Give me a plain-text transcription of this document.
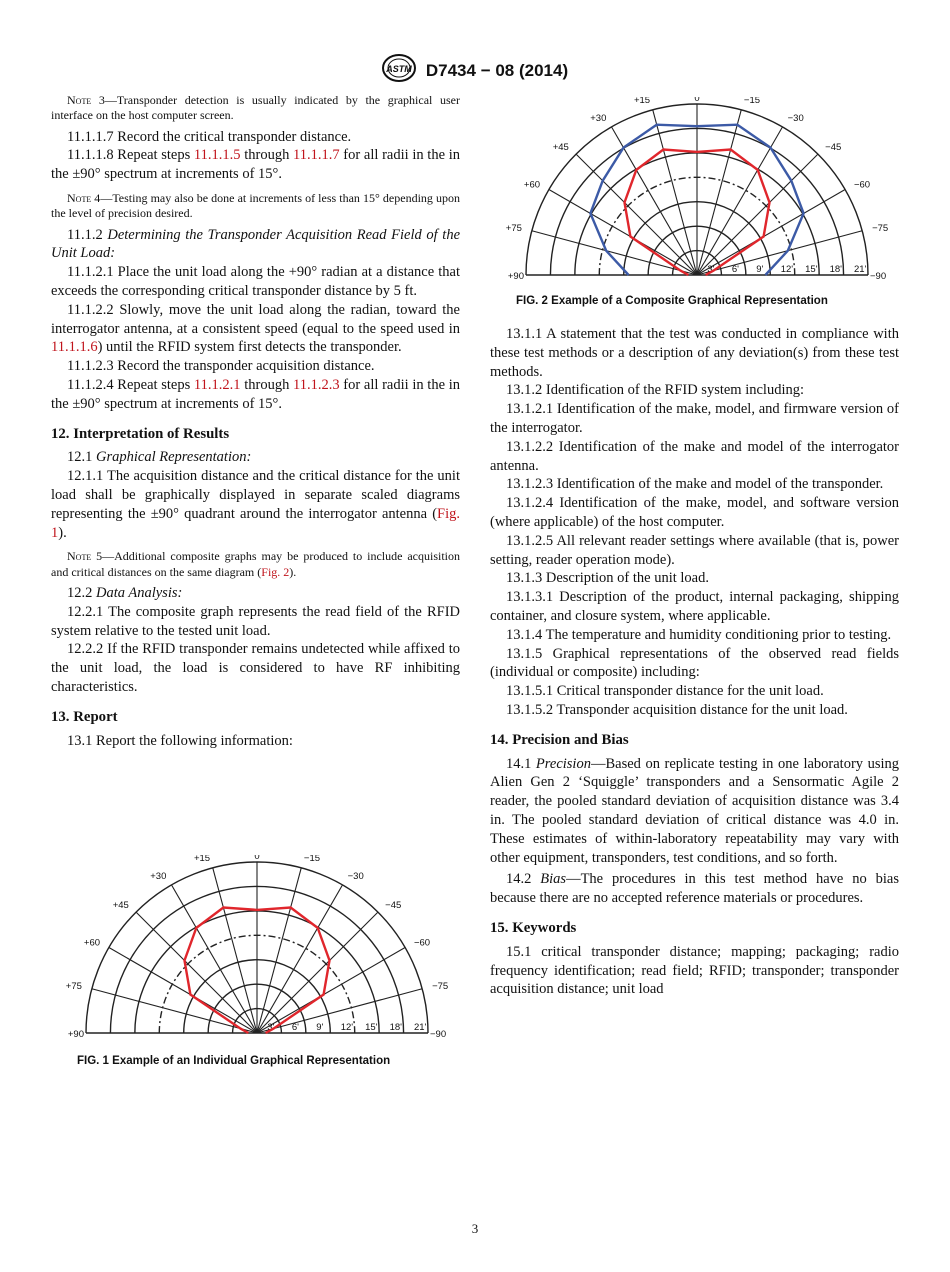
ASTM D7434 − 08 (2014)

Note 3—Transponder detection is usually indicated by the graphical user interface on the host computer screen.

11.1.1.7 Record the critical transponder distance.

11.1.1.8 Repeat steps 11.1.1.5 through 11.1.1.7 for all radii in the in the ±90° spectrum at increments of 15°.

Note 4—Testing may also be done at increments of less than 15° depending upon the level of precision desired.

11.1.2 Determining the Transponder Acquisition Read Field of the Unit Load:

11.1.2.1 Place the unit load along the +90° radian at a distance that exceeds the corresponding critical transponder distance by 5 ft.

11.1.2.2 Slowly, move the unit load along the radian, toward the interrogator antenna, at a consistent speed (equal to the speed used in 11.1.1.6) until the RFID system first detects the transponder.

11.1.2.3 Record the transponder acquisition distance.

11.1.2.4 Repeat steps 11.1.2.1 through 11.1.2.3 for all radii in the in the ±90° spectrum at increments of 15°.

12. Interpretation of Results

12.1 Graphical Representation:

12.1.1 The acquisition distance and the critical distance for the unit load shall be graphically displayed in separate scaled diagrams representing the ±90° quadrant around the interrogator antenna (Fig. 1).

Note 5—Additional composite graphs may be produced to include acquisition and critical distances on the same diagram (Fig. 2).

12.2 Data Analysis:

12.2.1 The composite graph represents the read field of the RFID system relative to the tested unit load.

12.2.2 If the RFID transponder remains undetected while affixed to the unit load, the load is considered to have RF inhibiting characteristics.

13. Report

13.1 Report the following information:

+90
+75
+60
+45
+30
+15	0	−15
−30
−45
−60
−75
−90
3' 6' 9' 12' 15' 18' 21'
FIG. 1 Example of an Individual Graphical Representation
+90
+75
+60
+45
+30
+15	0	−15
−30
−45
−60
−75
−90
3' 6' 9' 12' 15' 18' 21'
FIG. 2 Example of a Composite Graphical Representation

13.1.1 A statement that the test was conducted in compliance with these test methods or a description of any deviation(s) from these test methods.

13.1.2 Identification of the RFID system including:

13.1.2.1 Identification of the make, model, and firmware version of the interrogator.

13.1.2.2 Identification of the make and model of the interrogator antenna.

13.1.2.3 Identification of the make and model of the transponder.

13.1.2.4 Identification of the make, model, and software version (where applicable) of the host computer.

13.1.2.5 All relevant reader settings where available (that is, power setting, reader operation mode).

13.1.3 Description of the unit load.

13.1.3.1 Description of the product, internal packaging, shipping container, and closure system, where applicable.

13.1.4 The temperature and humidity conditioning prior to testing.

13.1.5 Graphical representations of the observed read fields (individual or composite) including:

13.1.5.1 Critical transponder distance for the unit load.

13.1.5.2 Transponder acquisition distance for the unit load.

14. Precision and Bias

14.1 Precision—Based on replicate testing in one laboratory using Alien Gen 2 ‘Squiggle’ transponders and a Sensormatic Agile 2 reader, the pooled standard deviation of acquisition distance was 3.4 in. The pooled standard deviation of critical distance was 4.0 in. These estimates of within-laboratory repeatability may vary with other equipment, transponders, test conditions, and so forth.

14.2 Bias—The procedures in this test method have no bias because there are no accepted reference materials or procedures.

15. Keywords

15.1 critical transponder distance; mapping; packaging; radio frequency identification; read field; RFID; transponder; transponder acquisition distance; unit load

3
